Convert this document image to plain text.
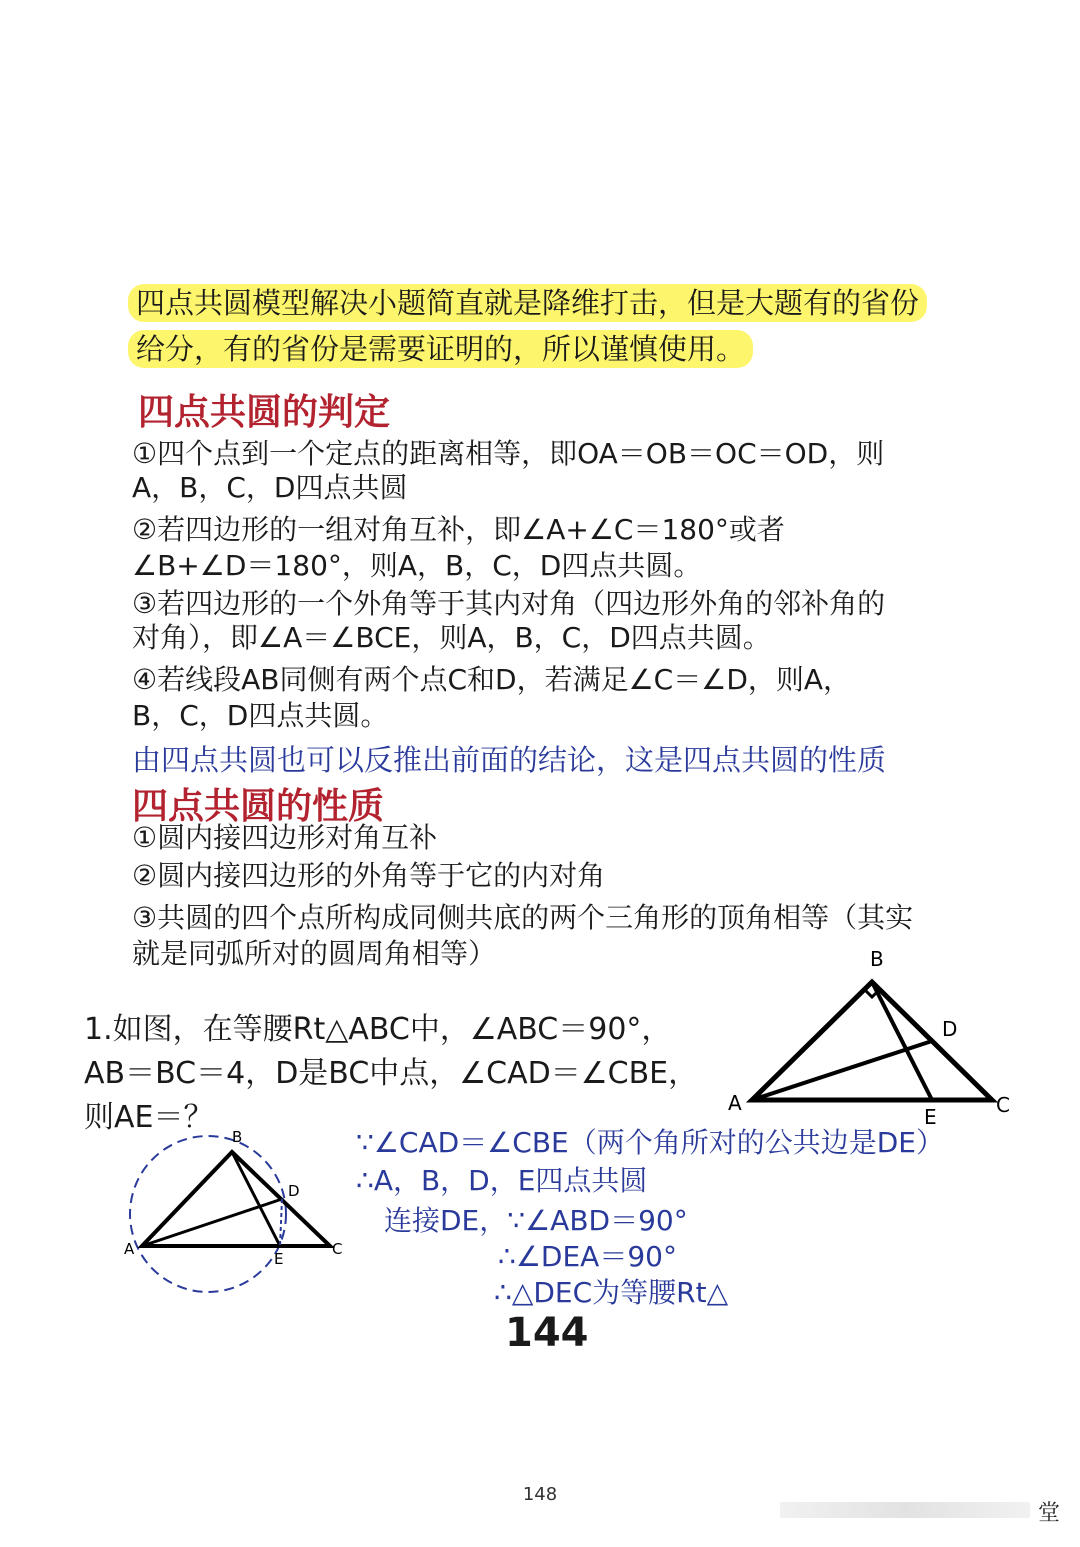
四点共圆模型解决小题简直就是降维打击，但是大题有的省份
给分，有的省份是需要证明的，所以谨慎使用。
四点共圆的判定
①四个点到一个定点的距离相等，即OA＝OB＝OC＝OD，则
A，B，C，D四点共圆
②若四边形的一组对角互补，即∠A+∠C＝180°或者
∠B+∠D＝180°，则A，B，C，D四点共圆。
③若四边形的一个外角等于其内对角（四边形外角的邻补角的
对角），即∠A＝∠BCE，则A，B，C，D四点共圆。
④若线段AB同侧有两个点C和D，若满足∠C＝∠D，则A，
B，C，D四点共圆。
由四点共圆也可以反推出前面的结论，这是四点共圆的性质
四点共圆的性质
①圆内接四边形对角互补
②圆内接四边形的外角等于它的内对角
③共圆的四个点所构成同侧共底的两个三角形的顶角相等（其实
就是同弧所对的圆周角相等）
1.如图，在等腰Rt△ABC中，∠ABC＝90°，
AB＝BC＝4，D是BC中点，∠CAD＝∠CBE，
则AE＝？
B
D
A	C
E
B
D
A	C
E
∵∠CAD＝∠CBE（两个角所对的公共边是DE）
∴A，B，D，E四点共圆
连接DE，∵∠ABD＝90°
∴∠DEA＝90°
∴△DEC为等腰Rt△
144
148
堂
